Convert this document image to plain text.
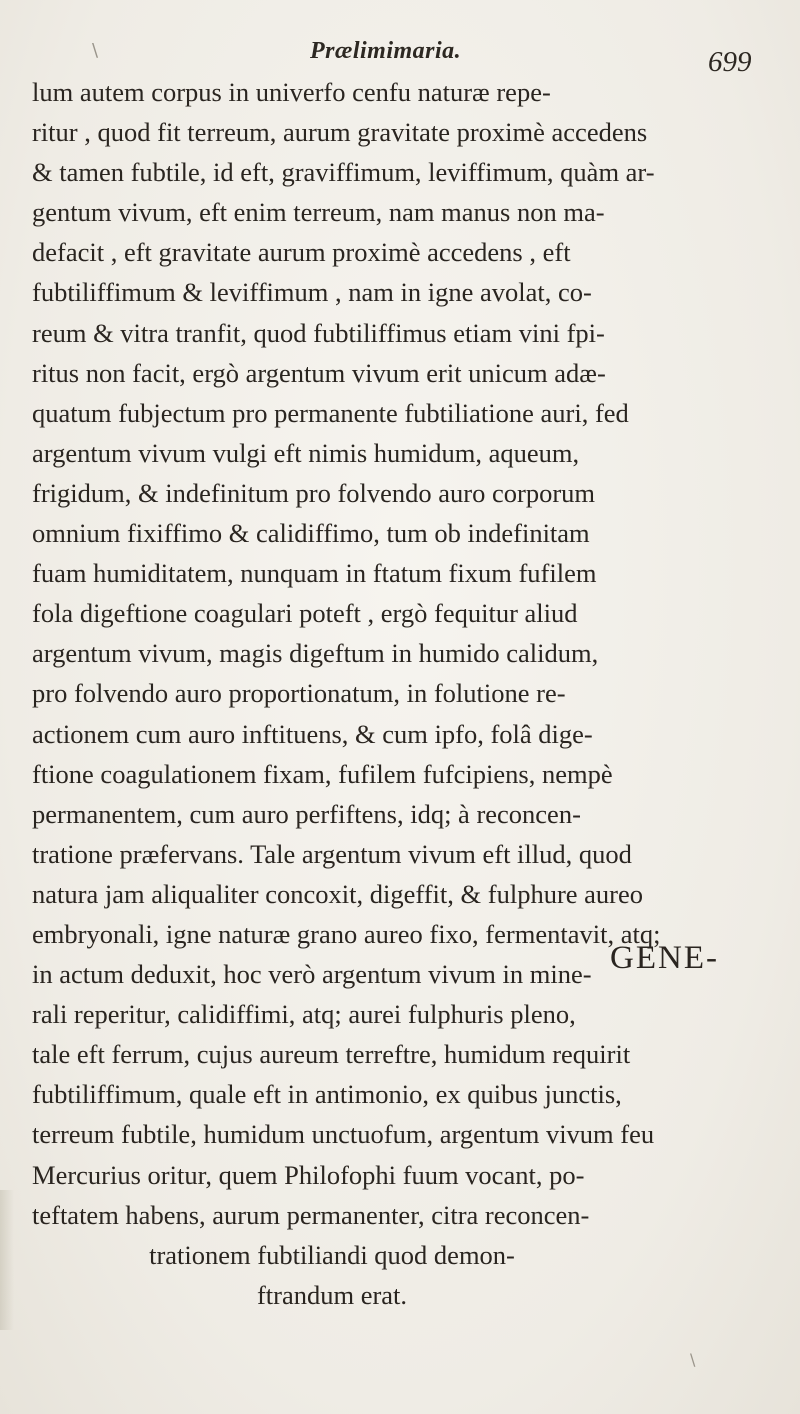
Prælimimaria.	699
lum autem corpus in univerfo cenfu naturæ repe-
ritur , quod fit terreum, aurum gravitate proximè accedens
& tamen fubtile, id eft, graviffimum, leviffimum, quàm ar-
gentum vivum, eft enim terreum, nam manus non ma-
defacit , eft gravitate aurum proximè accedens , eft
fubtiliffimum & leviffimum , nam in igne avolat, co-
reum & vitra tranfit, quod fubtiliffimus etiam vini fpi-
ritus non facit, ergò argentum vivum erit unicum adæ-
quatum fubjectum pro permanente fubtiliatione auri, fed
argentum vivum vulgi eft nimis humidum, aqueum,
frigidum, & indefinitum pro folvendo auro corporum
omnium fixiffimo & calidiffimo, tum ob indefinitam
fuam humiditatem, nunquam in ftatum fixum fufilem
fola digeftione coagulari poteft , ergò fequitur aliud
argentum vivum, magis digeftum in humido calidum,
pro folvendo auro proportionatum, in folutione re-
actionem cum auro inftituens, & cum ipfo, folâ dige-
ftione coagulationem fixam, fufilem fufcipiens, nempè
permanentem, cum auro perfiftens, idq; à reconcen-
tratione præfervans. Tale argentum vivum eft illud, quod
natura jam aliqualiter concoxit, digeffit, & fulphure aureo
embryonali, igne naturæ grano aureo fixo, fermentavit, atq;
in actum deduxit, hoc verò argentum vivum in mine-
rali reperitur, calidiffimi, atq; aurei fulphuris pleno,
tale eft ferrum, cujus aureum terreftre, humidum requirit
fubtiliffimum, quale eft in antimonio, ex quibus junctis,
terreum fubtile, humidum unctuofum, argentum vivum feu
Mercurius oritur, quem Philofophi fuum vocant, po-
teftatem habens, aurum permanenter, citra reconcen-
trationem fubtiliandi quod demon-
ftrandum erat.
GENE-
\
\
